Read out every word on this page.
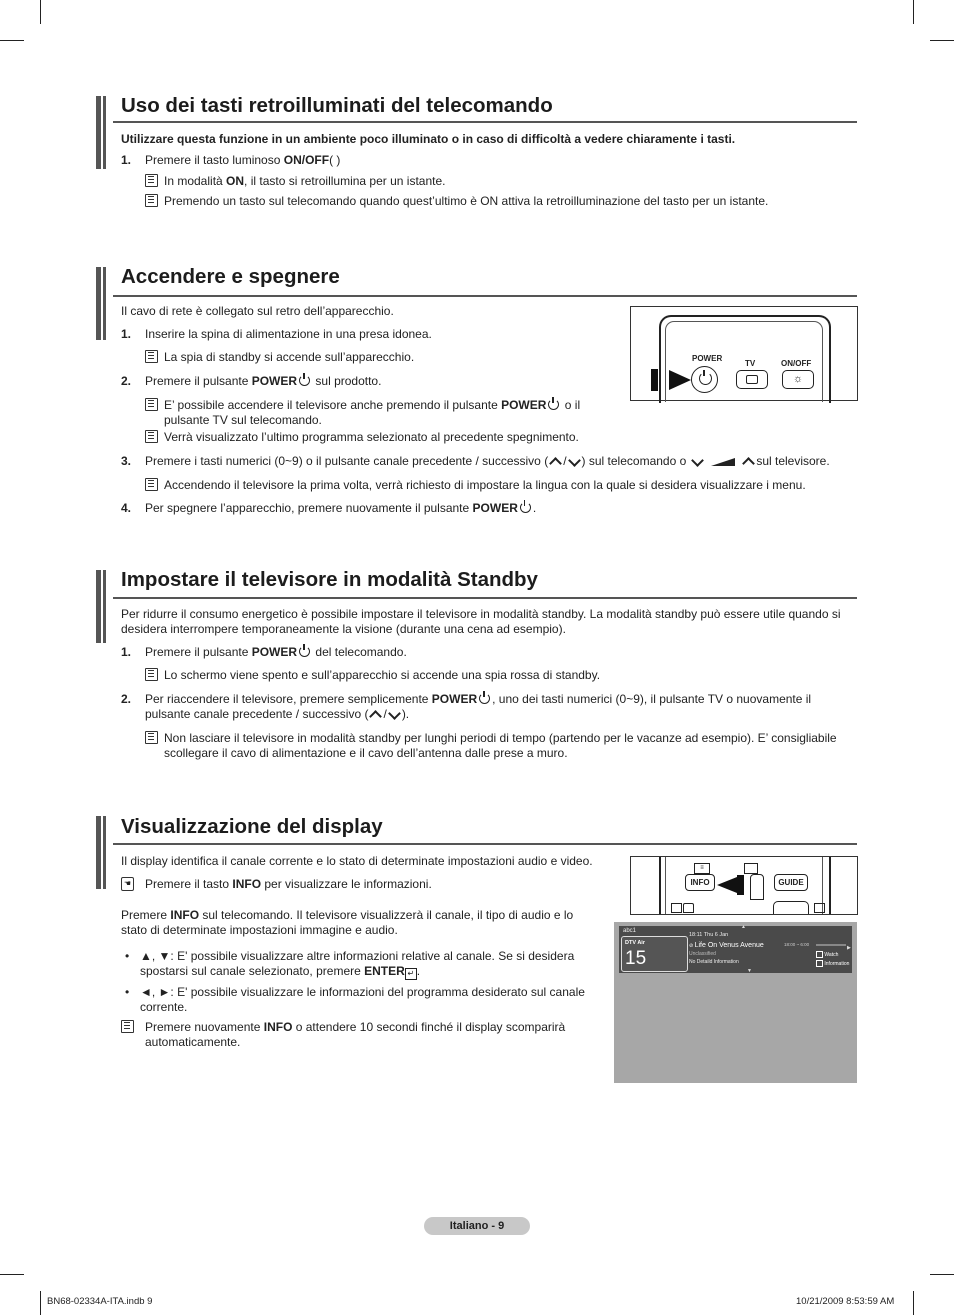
Uso dei tasti retroilluminati del telecomando
Utilizzare questa funzione in un ambiente poco illuminato o in caso di difficoltà a vedere chiaramente i tasti.
1. Premere il tasto luminoso ON/OFF( )
In modalità ON, il tasto si retroillumina per un istante.
Premendo un tasto sul telecomando quando quest’ultimo è ON attiva la retroilluminazione del tasto per un istante.
Accendere e spegnere
Il cavo di rete è collegato sul retro dell’apparecchio.
1. Inserire la spina di alimentazione in una presa idonea.
La spia di standby si accende sull’apparecchio.
2. Premere il pulsante POWER sul prodotto.
E’ possibile accendere il televisore anche premendo il pulsante POWER o il
pulsante TV sul telecomando.
Verrà visualizzato l’ultimo programma selezionato al precedente spegnimento.
3. Premere i tasti numerici (0~9) o il pulsante canale precedente / successivo ( / ) sul telecomando o	sul televisore.
Accendendo il televisore la prima volta, verrà richiesto di impostare la lingua con la quale si desidera visualizzare i menu.
4. Per spegnere l’apparecchio, premere nuovamente il pulsante POWER .
POWER
TV	ON/OFF
☼
Impostare il televisore in modalità Standby
Per ridurre il consumo energetico è possibile impostare il televisore in modalità standby. La modalità standby può essere utile quando si desidera interrompere temporaneamente la visione (durante una cena ad esempio).
1. Premere il pulsante POWER del telecomando.
Lo schermo viene spento e sull’apparecchio si accende una spia rossa di standby.
2. Per riaccendere il televisore, premere semplicemente POWER , uno dei tasti numerici (0~9), il pulsante TV o nuovamente il
pulsante canale precedente / successivo ( / ).
Non lasciare il televisore in modalità standby per lunghi periodi di tempo (partendo per le vacanze ad esempio). E’ consigliabile
scollegare il cavo di alimentazione e il cavo dell’antenna dalle prese a muro.
Visualizzazione del display
Il display identifica il canale corrente e lo stato di determinate impostazioni audio e video.
☚ Premere il tasto INFO per visualizzare le informazioni.
Premere INFO sul telecomando. Il televisore visualizzerà il canale, il tipo di audio e lo
stato di determinate impostazioni immagine e audio.
• ▲, ▼: E' possibile visualizzare altre informazioni relative al canale. Se si desidera
spostarsi sul canale selezionato, premere ENTER ↵ .
• ◄, ►: E' possibile visualizzare le informazioni del programma desiderato sul canale
corrente.
Premere nuovamente INFO o attendere 10 secondi finché il display scomparirà
automaticamente.
≡
INFO	GUIDE
abc1
DTV Air
15
▲
18:11 Thu 6 Jan
⊘ Life On Venus Avenue
Unclassified
No Detaild Information
18:00 ~ 6:00
▶
Watch
Information
▼
Italiano - 9
BN68-02334A-ITA.indb 9	10/21/2009 8:53:59 AM
